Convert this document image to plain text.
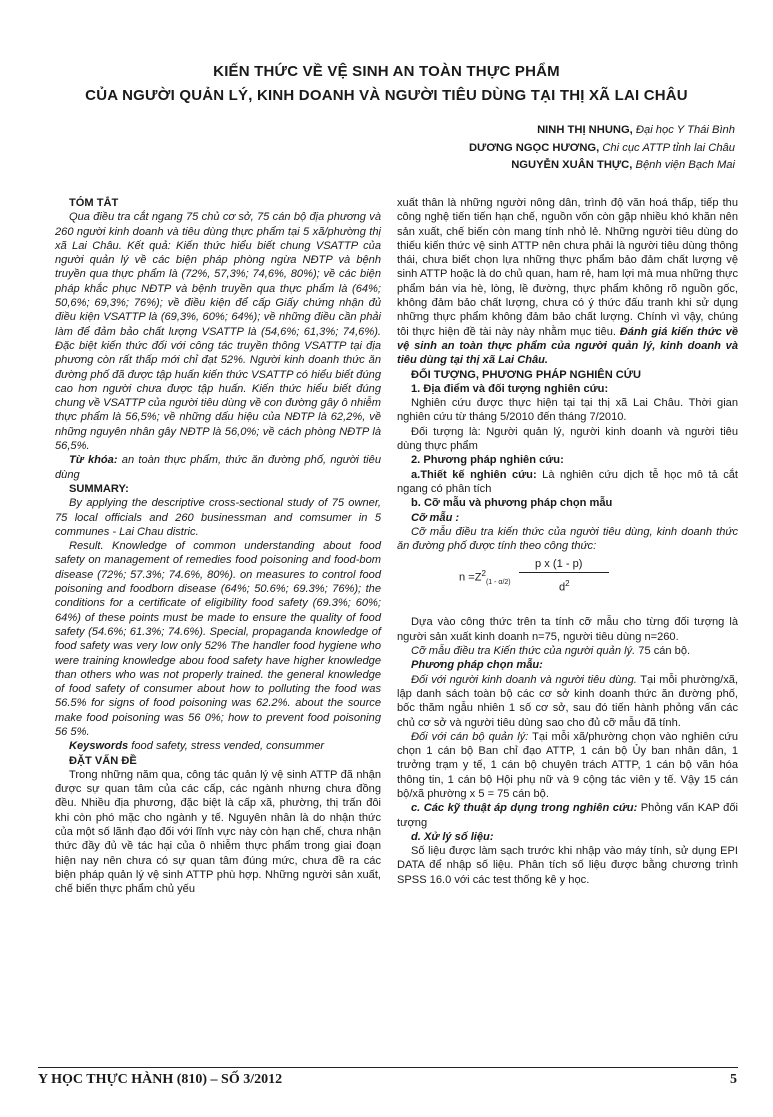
KIẾN THỨC VỀ VỆ SINH AN TOÀN THỰC PHẨM
CỦA NGƯỜI QUẢN LÝ, KINH DOANH VÀ NGƯỜI TIÊU DÙNG TẠI THỊ XÃ LAI CHÂU
NINH THỊ NHUNG, Đại học Y Thái Bình
DƯƠNG NGỌC HƯƠNG, Chi cục ATTP tỉnh lai Châu
NGUYỄN XUÂN THỰC, Bệnh viện Bạch Mai

TÓM TẮT

Qua điều tra cắt ngang 75 chủ cơ sở, 75 cán bộ địa phương và 260 người kinh doanh và tiêu dùng thực phẩm tại 5 xã/phường thị xã Lai Châu. Kết quả: Kiến thức hiểu biết chung VSATTP của người quản lý về các biện pháp phòng ngừa NĐTP và bệnh truyền qua thực phẩm là (72%, 57,3%; 74,6%, 80%); về các biện pháp khắc phục NĐTP và bệnh truyền qua thực phẩm là (64%; 50,6%; 69,3%; 76%); về điều kiện để cấp Giấy chứng nhận đủ điều kiện VSATTP là (69,3%, 60%; 64%); về những điều cần phải làm để đảm bảo chất lượng VSATTP là (54,6%; 61,3%; 74,6%). Đặc biệt kiến thức đối với công tác truyền thông VSATTP tại địa phương còn rất thấp mới chỉ đạt 52%. Người kinh doanh thức ăn đường phố đã được tập huấn kiến thức VSATTP có hiểu biết đúng cao hơn người chưa được tập huấn. Kiến thức hiểu biết đúng chung về VSATTP của người tiêu dùng về con đường gây ô nhiễm thực phẩm là 56,5%; về những dấu hiệu của NĐTP là 62,2%, về những nguyên nhân gây NĐTP là 56,0%; về cách phòng NĐTP là 56,5%.

Từ khóa: an toàn thực phẩm, thức ăn đường phố, người tiêu dùng

SUMMARY:

By applying the descriptive cross-sectional study of 75 owner, 75 local officials and 260 businessman and comsumer in 5 communes - Lai Chau distric.

Result. Knowledge of common understanding about food safety on management of remedies food poisoning and food-bom disease (72%; 57.3%; 74.6%, 80%). on measures to control food poisoning and foodborn disease (64%; 50.6%; 69.3%; 76%); the conditions for a certificate of eligibility food safety (69.3%; 60%; 64%) of these points must be made to ensure the quality of food safety (54.6%; 61.3%; 74.6%). Special, propaganda knowledge of food safety was very low only 52% The handler food hygiene who were training knowledge abou food safety have higher knowledge than others who was not properly trained. the general knowledge of food safety of consumer about how to polluting the food was 56.5% for signs of food poisoning was 62.2%. about the source make food poisoning was 56 0%; how to prevent food poisoning 56 5%.

Keyswords food safety, stress vended, consummer

ĐẶT VẤN ĐỀ

Trong những năm qua, công tác quản lý vệ sinh ATTP đã nhận được sự quan tâm của các cấp, các ngành nhưng chưa đồng đều. Nhiều địa phương, đặc biệt là cấp xã, phường, thị trấn đôi khi còn phó mặc cho ngành y tế. Nguyên nhân là do nhận thức của một số lãnh đạo đối với lĩnh vực này còn hạn chế, chưa nhận thức đầy đủ về tác hại của ô nhiễm thực phẩm trong giai đoạn hiện nay nên chưa có sự quan tâm đúng mức, chưa đề ra các biện pháp quản lý vệ sinh ATTP phù hợp. Những người sản xuất, chế biến thực phẩm chủ yếu

xuất thân là những người nông dân, trình độ văn hoá thấp, tiếp thu công nghệ tiến tiến hạn chế, nguồn vốn còn gặp nhiều khó khăn nên sản xuất, chế biến còn mang tính nhỏ lẻ. Những người tiêu dùng do thiếu kiến thức vệ sinh ATTP nên chưa phải là người tiêu dùng thông thái, chưa biết chọn lựa những thực phẩm bảo đảm chất lượng vệ sinh ATTP hoặc là do chủ quan, ham rẻ, ham lợi mà mua những thực phẩm bán via hè, lòng, lề đường, thực phẩm không rõ nguồn gốc, không đảm bảo chất lượng, chưa có ý thức đấu tranh khi sử dụng những thực phẩm không đảm bảo chất lượng. Chính vì vậy, chúng tôi thực hiện đề tài này này nhằm mục tiêu. Đánh giá kiến thức về vệ sinh an toàn thực phẩm của người quản lý, kinh doanh và tiêu dùng tại thị xã Lai Châu.

ĐỐI TƯỢNG, PHƯƠNG PHÁP NGHIÊN CỨU

1. Địa điểm và đối tượng nghiên cứu:

Nghiên cứu được thực hiện tại tại thị xã Lai Châu. Thời gian nghiên cứu từ tháng 5/2010 đến tháng 7/2010.

Đối tượng là: Người quản lý, người kinh doanh và người tiêu dùng thực phẩm

2. Phương pháp nghiên cứu:

a.Thiết kế nghiên cứu: Là nghiên cứu dịch tễ học mô tả cắt ngang có phân tích

b. Cỡ mẫu và phương pháp chọn mẫu

Cỡ mẫu :

Cỡ mẫu điều tra kiến thức của người tiêu dùng, kinh doanh thức ăn đường phố được tính theo công thức:

p x (1 - p)
$n =Z^2_{(1 - \alpha/2)}$	$d^2$

Dựa vào công thức trên ta tính cỡ mẫu cho từng đối tượng là người sản xuất kinh doanh n=75, người tiêu dùng n=260.

Cỡ mẫu điều tra Kiến thức của người quản lý. 75 cán bộ.

Phương pháp chọn mẫu:

Đối với người kinh doanh và người tiêu dùng. Tại mỗi phường/xã, lập danh sách toàn bộ các cơ sở kinh doanh thức ăn đường phố, bốc thăm ngẫu nhiên 1 số cơ sở, sau đó tiến hành phỏng vấn các chủ cơ sở và người tiêu dùng sao cho đủ cỡ mẫu đã tính.

Đối với cán bộ quản lý: Tại mỗi xã/phường chọn vào nghiên cứu chọn 1 cán bộ Ban chỉ đạo ATTP, 1 cán bộ Ủy ban nhân dân, 1 trưởng trạm y tế, 1 cán bộ chuyên trách ATTP, 1 cán bộ văn hóa thông tin, 1 cán bộ Hội phụ nữ và 9 cộng tác viên y tế. Vậy 15 cán bộ/xã phường x 5 = 75 cán bộ.

c. Các kỹ thuật áp dụng trong nghiên cứu: Phỏng vấn KAP đối tượng

d. Xử lý số liệu:

Số liệu được làm sạch trước khi nhập vào máy tính, sử dụng EPI DATA để nhập số liệu. Phân tích số liệu được bằng chương trình SPSS 16.0 với các test thống kê y học.

Y HỌC THỰC HÀNH (810) – SỐ 3/2012	5
